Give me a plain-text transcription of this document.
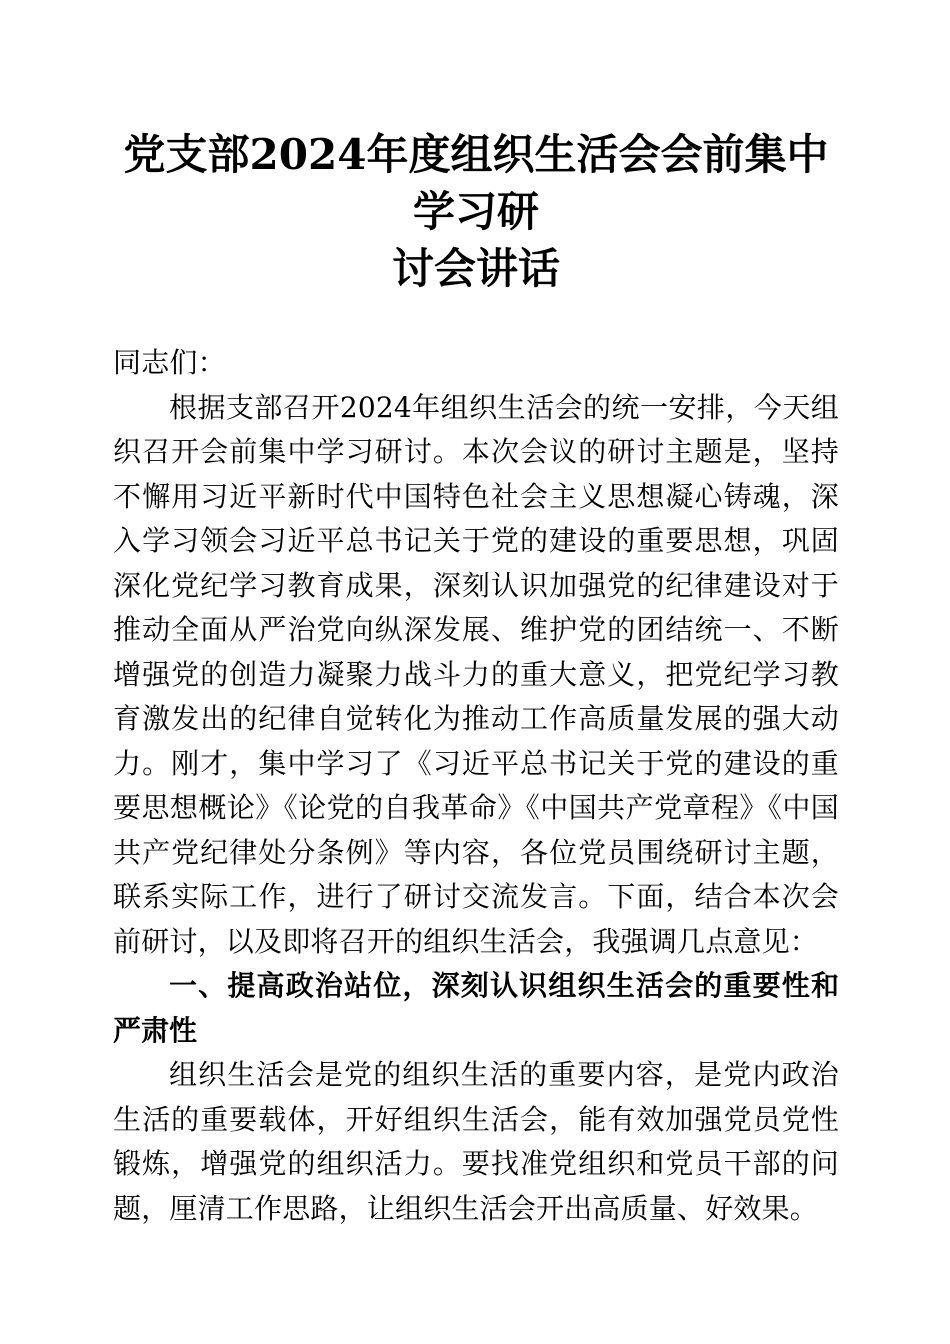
党支部2024年度组织生活会会前集中学习研
讨会讲话

同志们：

根据支部召开2024年组织生活会的统一安排，今天组织召开会前集中学习研讨。本次会议的研讨主题是，坚持不懈用习近平新时代中国特色社会主义思想凝心铸魂，深入学习领会习近平总书记关于党的建设的重要思想，巩固深化党纪学习教育成果，深刻认识加强党的纪律建设对于推动全面从严治党向纵深发展、维护党的团结统一、不断增强党的创造力凝聚力战斗力的重大意义，把党纪学习教育激发出的纪律自觉转化为推动工作高质量发展的强大动力。刚才，集中学习了《习近平总书记关于党的建设的重要思想概论》《论党的自我革命》《中国共产党章程》《中国共产党纪律处分条例》等内容，各位党员围绕研讨主题，联系实际工作，进行了研讨交流发言。下面，结合本次会前研讨，以及即将召开的组织生活会，我强调几点意见：

一、提高政治站位，深刻认识组织生活会的重要性和严肃性

组织生活会是党的组织生活的重要内容，是党内政治生活的重要载体，开好组织生活会，能有效加强党员党性锻炼，增强党的组织活力。要找准党组织和党员干部的问题，厘清工作思路，让组织生活会开出高质量、好效果。
